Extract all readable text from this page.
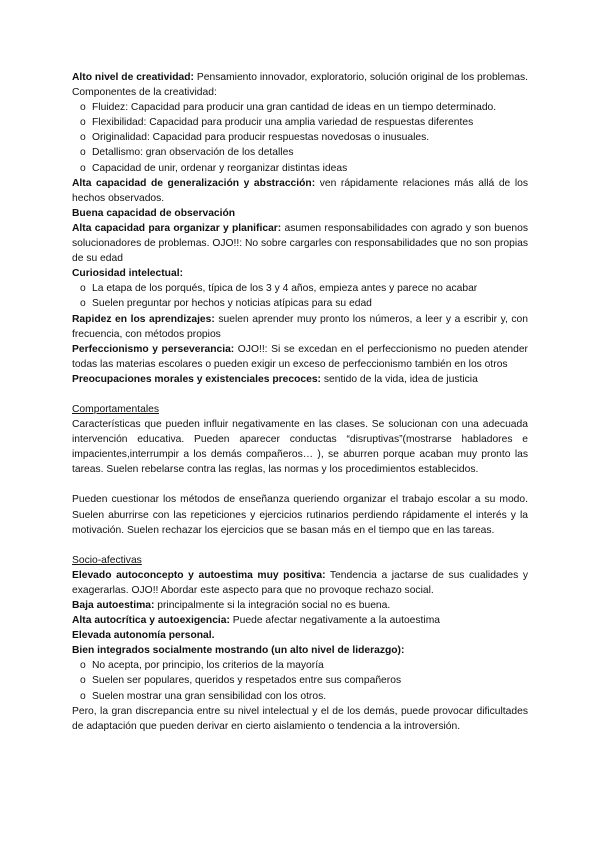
Alto nivel de creatividad: Pensamiento innovador, exploratorio, solución original de los problemas. Componentes de la creatividad:

o Fluidez: Capacidad para producir una gran cantidad de ideas en un tiempo determinado.

o Flexibilidad: Capacidad para producir una amplia variedad de respuestas diferentes

o Originalidad: Capacidad para producir respuestas novedosas o inusuales.

o Detallismo: gran observación de los detalles

o Capacidad de unir, ordenar y reorganizar distintas ideas

Alta capacidad de generalización y abstracción: ven rápidamente relaciones más allá de los hechos observados.

Buena capacidad de observación

Alta capacidad para organizar y planificar: asumen responsabilidades con agrado y son buenos solucionadores de problemas. OJO!!: No sobre cargarles con responsabilidades que no son propias de su edad

Curiosidad intelectual:

o La etapa de los porqués, típica de los 3 y 4 años, empieza antes y parece no acabar

o Suelen preguntar por hechos y noticias atípicas para su edad

Rapidez en los aprendizajes: suelen aprender muy pronto los números, a leer y a escribir y, con frecuencia, con métodos propios

Perfeccionismo y perseverancia: OJO!!: Si se excedan en el perfeccionismo no pueden atender todas las materias escolares o pueden exigir un exceso de perfeccionismo también en los otros

Preocupaciones morales y existenciales precoces: sentido de la vida, idea de justicia

Comportamentales

Características que pueden influir negativamente en las clases. Se solucionan con una adecuada intervención educativa. Pueden aparecer conductas “disruptivas”(mostrarse habladores e impacientes,interrumpir a los demás compañeros… ), se aburren porque acaban muy pronto las tareas. Suelen rebelarse contra las reglas, las normas y los procedimientos establecidos.

Pueden cuestionar los métodos de enseñanza queriendo organizar el trabajo escolar a su modo. Suelen aburrirse con las repeticiones y ejercicios rutinarios perdiendo rápidamente el interés y la motivación. Suelen rechazar los ejercicios que se basan más en el tiempo que en las tareas.

Socio-afectivas

Elevado autoconcepto y autoestima muy positiva: Tendencia a jactarse de sus cualidades y exagerarlas. OJO!! Abordar este aspecto para que no provoque rechazo social.

Baja autoestima: principalmente si la integración social no es buena.

Alta autocrítica y autoexigencia: Puede afectar negativamente a la autoestima

Elevada autonomía personal.

Bien integrados socialmente mostrando (un alto nivel de liderazgo):

o No acepta, por principio, los criterios de la mayoría

o Suelen ser populares, queridos y respetados entre sus compañeros

o Suelen mostrar una gran sensibilidad con los otros.

Pero, la gran discrepancia entre su nivel intelectual y el de los demás, puede provocar dificultades de adaptación que pueden derivar en cierto aislamiento o tendencia a la introversión.
